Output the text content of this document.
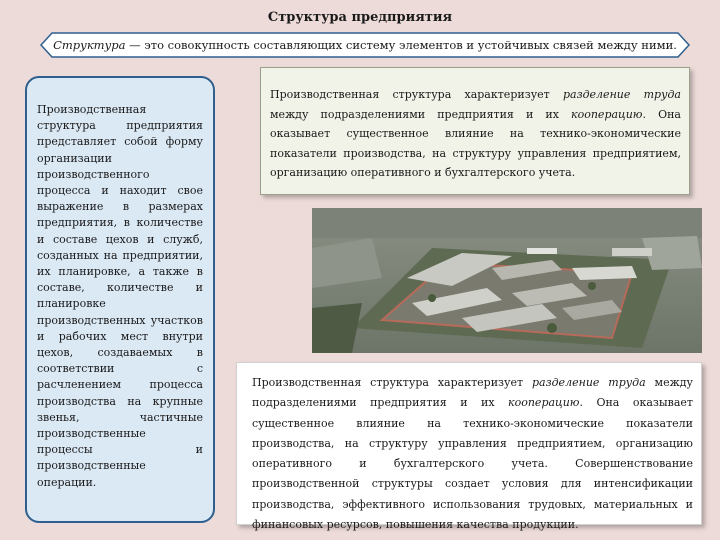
Структура предприятия
Структура — это совокупность составляющих систему элементов и устойчивых связей между ними.
Производственная структура предприятия представляет собой форму организации производственного процесса и находит свое выражение в размерах предприятия, в количестве и составе цехов и служб, созданных на предприятии, их планировке, а также в составе, количестве и планировке производственных участков и рабочих мест внутри цехов, создаваемых в соответствии с расчленением процесса производства на крупные звенья, частичные производственные процессы и производственные операции.
Производственная структура характеризует разделение труда между подразделениями предприятия и их кооперацию. Она оказывает существенное влияние на технико-экономические показатели производства, на структуру управления предприятием, организацию оперативного и бухгалтерского учета.
Производственная структура характеризует разделение труда между подразделениями предприятия и их кооперацию. Она оказывает существенное влияние на технико-экономические показатели производства, на структуру управления предприятием, организацию оперативного и бухгалтерского учета. Совершенствование производственной структуры создает условия для интенсификации производства, эффективного использования трудовых, материальных и финансовых ресурсов, повышения качества продукции.
